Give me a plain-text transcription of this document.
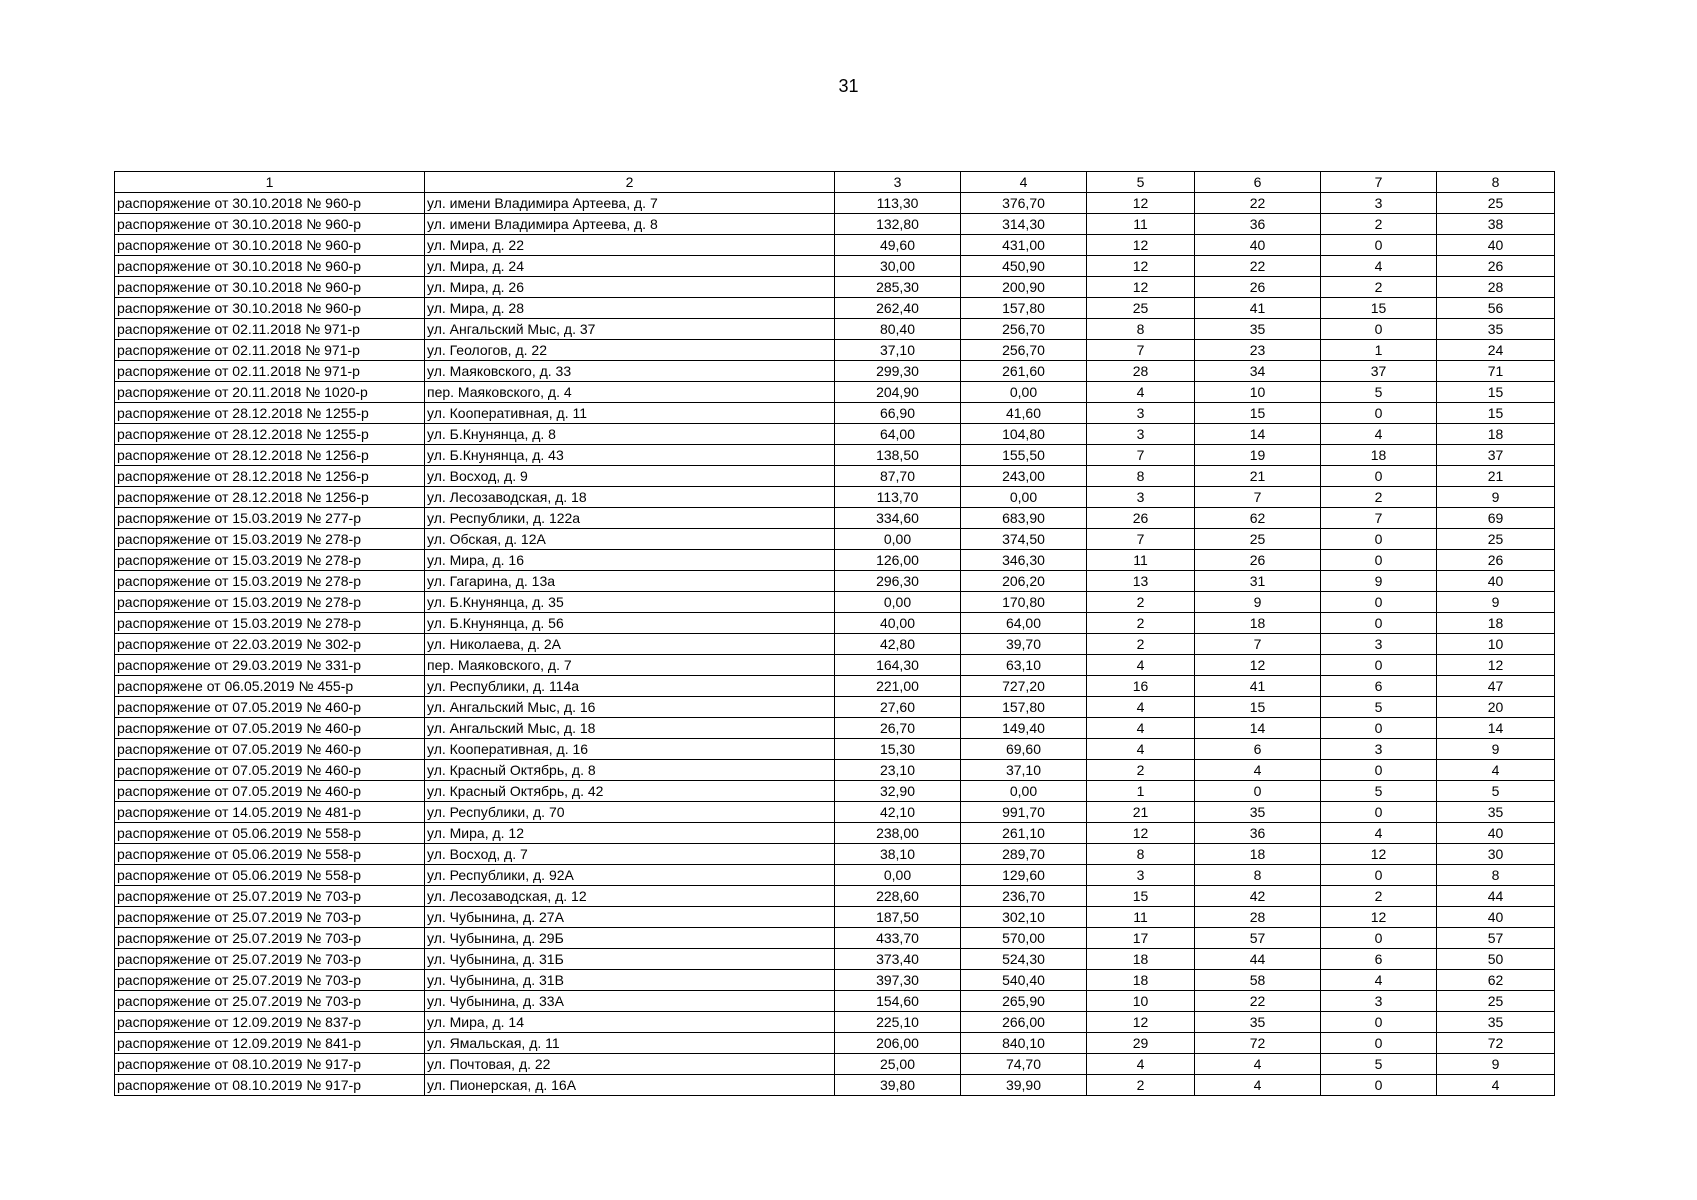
31
1	2	3	4	5	6	7	8
распоряжение от 30.10.2018 № 960-р	ул. имени Владимира Артеева, д. 7	113,30	376,70	12	22	3	25
распоряжение от 30.10.2018 № 960-р	ул. имени Владимира Артеева, д. 8	132,80	314,30	11	36	2	38
распоряжение от 30.10.2018 № 960-р	ул. Мира, д. 22	49,60	431,00	12	40	0	40
распоряжение от 30.10.2018 № 960-р	ул. Мира, д. 24	30,00	450,90	12	22	4	26
распоряжение от 30.10.2018 № 960-р	ул. Мира, д. 26	285,30	200,90	12	26	2	28
распоряжение от 30.10.2018 № 960-р	ул. Мира, д. 28	262,40	157,80	25	41	15	56
распоряжение от 02.11.2018 № 971-р	ул. Ангальский Мыс, д. 37	80,40	256,70	8	35	0	35
распоряжение от 02.11.2018 № 971-р	ул. Геологов, д. 22	37,10	256,70	7	23	1	24
распоряжение от 02.11.2018 № 971-р	ул. Маяковского, д. 33	299,30	261,60	28	34	37	71
распоряжение от 20.11.2018 № 1020-р	пер. Маяковского, д. 4	204,90	0,00	4	10	5	15
распоряжение от 28.12.2018 № 1255-р	ул. Кооперативная, д. 11	66,90	41,60	3	15	0	15
распоряжение от 28.12.2018 № 1255-р	ул. Б.Кнунянца, д. 8	64,00	104,80	3	14	4	18
распоряжение от 28.12.2018 № 1256-р	ул. Б.Кнунянца, д. 43	138,50	155,50	7	19	18	37
распоряжение от 28.12.2018 № 1256-р	ул. Восход, д. 9	87,70	243,00	8	21	0	21
распоряжение от 28.12.2018 № 1256-р	ул. Лесозаводская, д. 18	113,70	0,00	3	7	2	9
распоряжение от 15.03.2019 № 277-р	ул. Республики, д. 122а	334,60	683,90	26	62	7	69
распоряжение от 15.03.2019 № 278-р	ул. Обская, д. 12А	0,00	374,50	7	25	0	25
распоряжение от 15.03.2019 № 278-р	ул. Мира, д. 16	126,00	346,30	11	26	0	26
распоряжение от 15.03.2019 № 278-р	ул. Гагарина, д. 13а	296,30	206,20	13	31	9	40
распоряжение от 15.03.2019 № 278-р	ул. Б.Кнунянца, д. 35	0,00	170,80	2	9	0	9
распоряжение от 15.03.2019 № 278-р	ул. Б.Кнунянца, д. 56	40,00	64,00	2	18	0	18
распоряжение от 22.03.2019 № 302-р	ул. Николаева, д. 2А	42,80	39,70	2	7	3	10
распоряжение от 29.03.2019 № 331-р	пер. Маяковского, д. 7	164,30	63,10	4	12	0	12
распоряжене от 06.05.2019 № 455-р	ул. Республики, д. 114а	221,00	727,20	16	41	6	47
распоряжение от 07.05.2019 № 460-р	ул. Ангальский Мыс, д. 16	27,60	157,80	4	15	5	20
распоряжение от 07.05.2019 № 460-р	ул. Ангальский Мыс, д. 18	26,70	149,40	4	14	0	14
распоряжение от 07.05.2019 № 460-р	ул. Кооперативная, д. 16	15,30	69,60	4	6	3	9
распоряжение от 07.05.2019 № 460-р	ул. Красный Октябрь, д. 8	23,10	37,10	2	4	0	4
распоряжение от 07.05.2019 № 460-р	ул. Красный Октябрь, д. 42	32,90	0,00	1	0	5	5
распоряжение от 14.05.2019 № 481-р	ул. Республики, д. 70	42,10	991,70	21	35	0	35
распоряжение от 05.06.2019 № 558-р	ул. Мира, д. 12	238,00	261,10	12	36	4	40
распоряжение от 05.06.2019 № 558-р	ул. Восход, д. 7	38,10	289,70	8	18	12	30
распоряжение от 05.06.2019 № 558-р	ул. Республики, д. 92А	0,00	129,60	3	8	0	8
распоряжение от 25.07.2019 № 703-р	ул. Лесозаводская, д. 12	228,60	236,70	15	42	2	44
распоряжение от 25.07.2019 № 703-р	ул. Чубынина, д. 27А	187,50	302,10	11	28	12	40
распоряжение от 25.07.2019 № 703-р	ул. Чубынина, д. 29Б	433,70	570,00	17	57	0	57
распоряжение от 25.07.2019 № 703-р	ул. Чубынина, д. 31Б	373,40	524,30	18	44	6	50
распоряжение от 25.07.2019 № 703-р	ул. Чубынина, д. 31В	397,30	540,40	18	58	4	62
распоряжение от 25.07.2019 № 703-р	ул. Чубынина, д. 33А	154,60	265,90	10	22	3	25
распоряжение от 12.09.2019 № 837-р	ул. Мира, д. 14	225,10	266,00	12	35	0	35
распоряжение от 12.09.2019 № 841-р	ул. Ямальская, д. 11	206,00	840,10	29	72	0	72
распоряжение от 08.10.2019 № 917-р	ул. Почтовая, д. 22	25,00	74,70	4	4	5	9
распоряжение от 08.10.2019 № 917-р	ул. Пионерская, д. 16А	39,80	39,90	2	4	0	4
